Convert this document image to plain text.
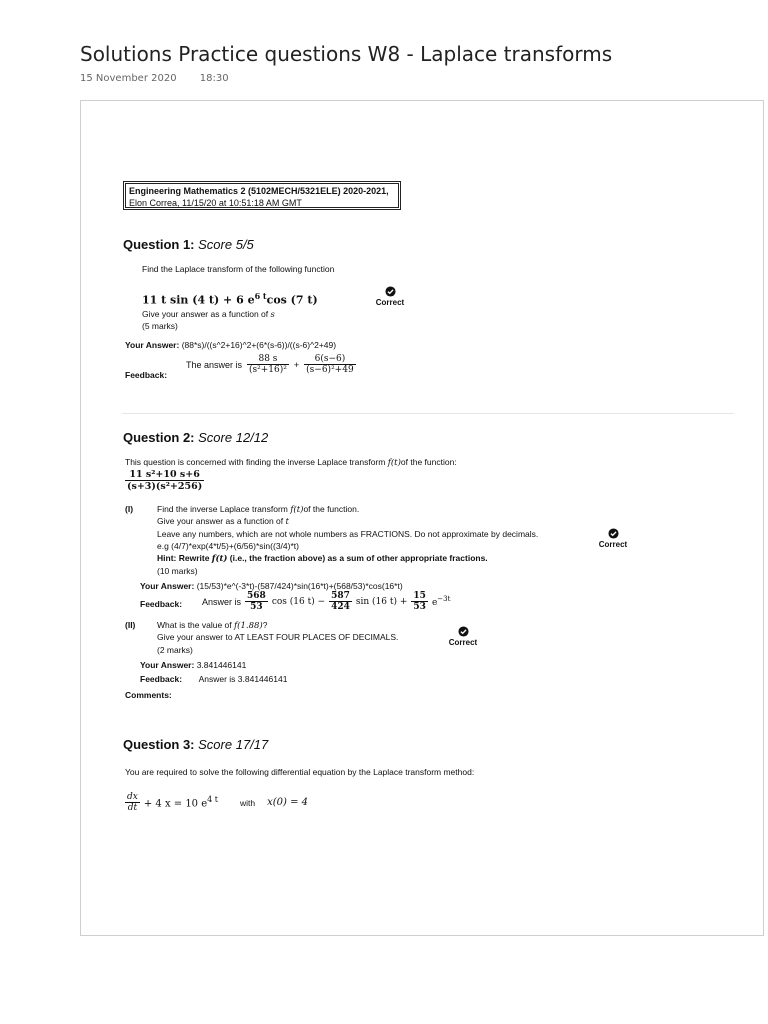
Solutions Practice questions W8 - Laplace transforms
15 November 2020 18:30
Engineering Mathematics 2 (5102MECH/5321ELE) 2020-2021,
Elon Correa, 11/15/20 at 10:51:18 AM GMT
Question 1: Score 5/5
Find the Laplace transform of the following function
11 t sin (4 t) + 6 $e^{6 t}\cos$ (7 t)
Give your answer as a function of s
(5 marks)
Correct
Your Answer: (88*s)/((s^2+16)^2+(6*(s-6))/((s-6)^2+49)
Feedback:
The answer is $\frac{88 s}{\text{(s²+16)²}} + \frac{6(s-6)}{\text{(s−6)²+49}}$
Question 2: Score 12/12
This question is concerned with finding the inverse Laplace transform f(t)of the function:
$\frac{\text{11 s²+10 s+6}}{\text{(s+3)(s²+256)}}$
(I)	Find the inverse Laplace transform f(t)of the function.
Give your answer as a function of t
Leave any numbers, which are not whole numbers as FRACTIONS. Do not approximate by decimals.
e.g (4/7)*exp(4*t/5)+(6/56)*sin((3/4)*t)
Hint: Rewrite f(t) (i.e., the fraction above) as a sum of other appropriate fractions.
(10 marks)
Correct
Your Answer: (15/53)*e^(-3*t)-(587/424)*sin(16*t)+(568/53)*cos(16*t)
Feedback: Answer is $\frac{568}{53}$ cos (16 $t) - \frac{587}{424}$ sin (16 $t) + \frac{15}{53} e^{-3t}$
(II)	What is the value of f(1.88)?
Give your answer to AT LEAST FOUR PLACES OF DECIMALS.
(2 marks)
Correct
Your Answer: 3.841446141
Feedback: Answer is 3.841446141
Comments:
Question 3: Score 17/17
You are required to solve the following differential equation by the Laplace transform method:
$\frac{dx}{dt} + 4$ x = 10 $e^{4 t}$	with x(0) = 4
